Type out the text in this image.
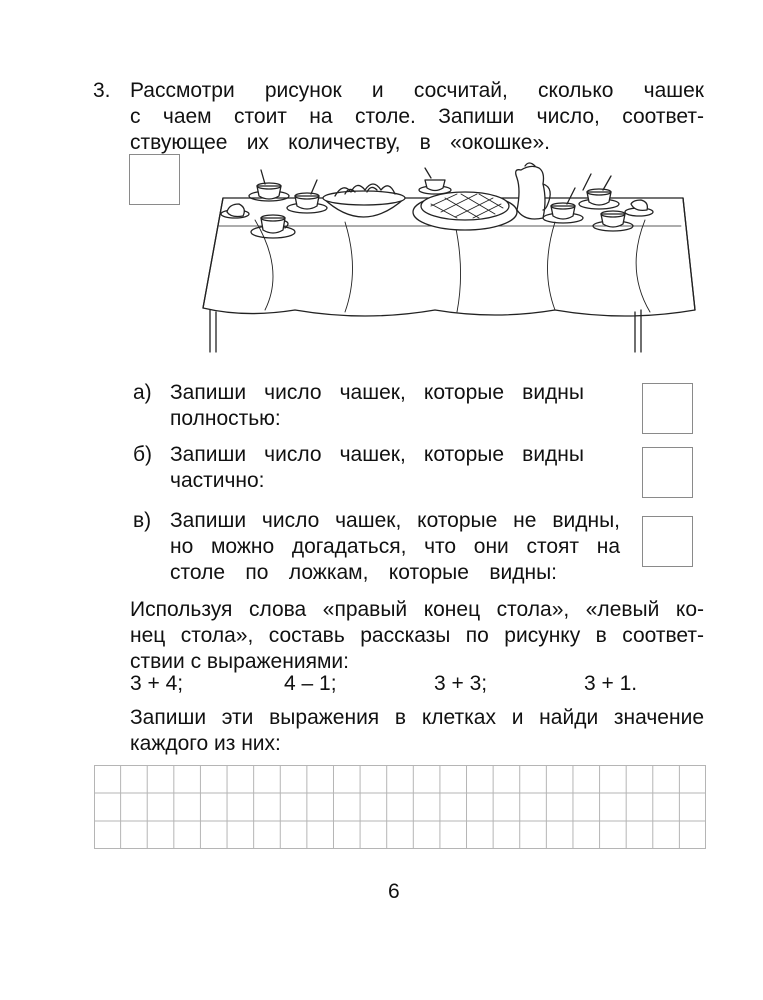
3. Рассмотри рисунок и сосчитай, сколько чашек
с чаем стоит на столе. Запиши число, соответ-
ствующее их количеству, в «окошке».
а) Запиши число чашек, которые видны
полностью:
б) Запиши число чашек, которые видны
частично:
в) Запиши число чашек, которые не видны,
но можно догадаться, что они стоят на
столе по ложкам, которые видны:
Используя слова «правый конец стола», «левый ко-
нец стола», составь рассказы по рисунку в соответ-
ствии с выражениями:
3 + 4;	4 – 1;	3 + 3;	3 + 1.
Запиши эти выражения в клетках и найди значение
каждого из них:
6
